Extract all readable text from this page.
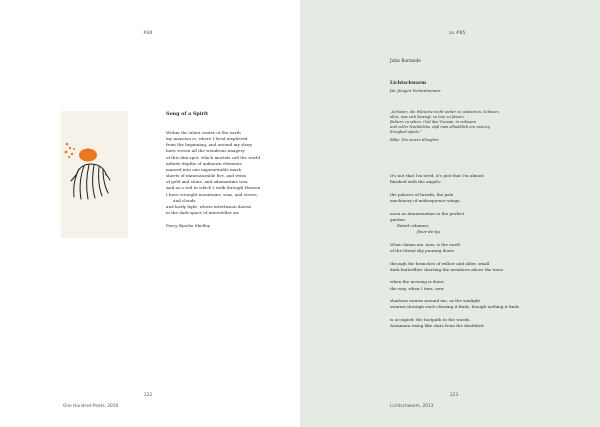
#84
Song of a Spirit
Within the silent centre of the earth
my mansion is; where I lived inspherèd
from the beginning, and around my sleep
have woven all the wondrous imagery
of this dim spot, which mortals call the world
infinite depths of unknown elements
massed into one impenetrable mask
sheets of immeasurable fire, and veins
of gold and stone, and adamantine iron
And as a veil in which I walk through Heaven
I have wrought mountains, seas, and waves,
and clouds
and lastly light, whose interfusion dawns
in the dark space of interstellar air.
Percy Bysshe Shelley
222
One Hundred Poets, 2016
zu #85
223
Lichtschwarm, 2013
John Burnside
Lichtschwarm
für Jürgen Partenheimer
„Schwarz, die Wünsche nicht weiter zu wünschen. Schwarz,
alles, was sich bewegt, so lose zu fassen;
flattern zu sehen. Und das Treuste: in milmaen
und voller Nachblicke, daß man allmählich ein zweizig
Ereigbeit spiele."
Rilke: Die innere Klangbre
It's not that I'm tired, it's just that I'm almost
finished with the angels:
the palaces of breath, the pale
machinery of midsequence wings,
noon as Annunciation in the perfect
garden,
fluted columns;
fleur-de-lys.
What claims me, now, is the swell
of the literal sky pouring down
through the branches of willow and alder, small
dark butterflies charting the meadows above the town
when the mowing is done;
the way, when I turn, new
shadows swarm around me, as the sunlight
swarms through each clearing it finds, though nothing it finds
is occupied: the footpath to the woods,
Autumnia rising like stars from the deathbed
